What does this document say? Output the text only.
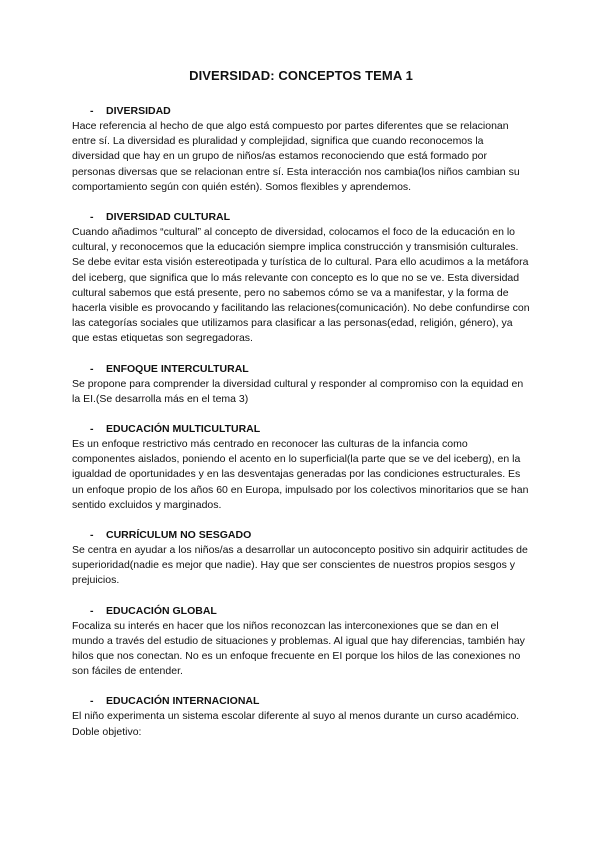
DIVERSIDAD: CONCEPTOS TEMA 1
-	DIVERSIDAD

Hace referencia al hecho de que algo está compuesto por partes diferentes que se relacionan entre sí. La diversidad es pluralidad y complejidad, significa que cuando reconocemos la diversidad que hay en un grupo de niños/as estamos reconociendo que está formado por personas diversas que se relacionan entre sí. Esta interacción nos cambia(los niños cambian su comportamiento según con quién estén). Somos flexibles y aprendemos.

-	DIVERSIDAD CULTURAL

Cuando añadimos “cultural” al concepto de diversidad, colocamos el foco de la educación en lo cultural, y reconocemos que la educación siempre implica construcción y transmisión culturales.

Se debe evitar esta visión estereotipada y turística de lo cultural. Para ello acudimos a la metáfora del iceberg, que significa que lo más relevante con concepto es lo que no se ve. Esta diversidad cultural sabemos que está presente, pero no sabemos cómo se va a manifestar, y la forma de hacerla visible es provocando y facilitando las relaciones(comunicación). No debe confundirse con las categorías sociales que utilizamos para clasificar a las personas(edad, religión, género), ya que estas etiquetas son segregadoras.

-	ENFOQUE INTERCULTURAL

Se propone para comprender la diversidad cultural y responder al compromiso con la equidad en la EI.(Se desarrolla más en el tema 3)

-	EDUCACIÓN MULTICULTURAL

Es un enfoque restrictivo más centrado en reconocer las culturas de la infancia como componentes aislados, poniendo el acento en lo superficial(la parte que se ve del iceberg), en la igualdad de oportunidades y en las desventajas generadas por las condiciones estructurales. Es un enfoque propio de los años 60 en Europa, impulsado por los colectivos minoritarios que se han sentido excluidos y marginados.

-	CURRÍCULUM NO SESGADO

Se centra en ayudar a los niños/as a desarrollar un autoconcepto positivo sin adquirir actitudes de superioridad(nadie es mejor que nadie). Hay que ser conscientes de nuestros propios sesgos y prejuicios.

-	EDUCACIÓN GLOBAL

Focaliza su interés en hacer que los niños reconozcan las interconexiones que se dan en el mundo a través del estudio de situaciones y problemas. Al igual que hay diferencias, también hay hilos que nos conectan. No es un enfoque frecuente en EI porque los hilos de las conexiones no son fáciles de entender.

-	EDUCACIÓN INTERNACIONAL

El niño experimenta un sistema escolar diferente al suyo al menos durante un curso académico. Doble objetivo:
